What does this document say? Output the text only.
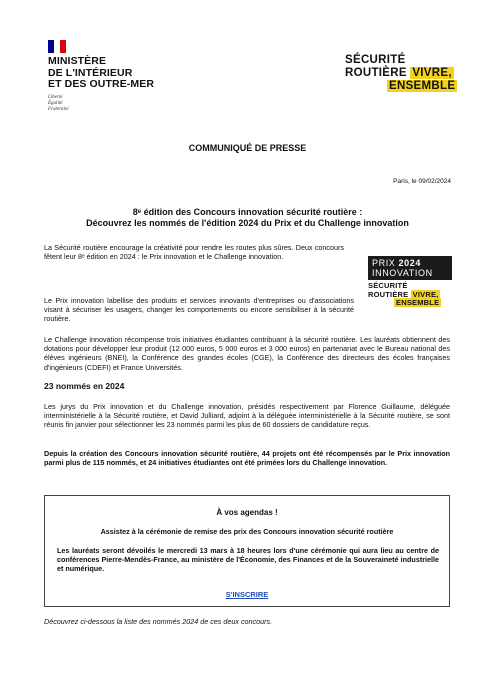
MINISTÈRE
DE L'INTÉRIEUR
ET DES OUTRE-MER
Liberté
Égalité
Fraternité
SÉCURITÉ
ROUTIÈRE VIVRE,
ENSEMBLE
COMMUNIQUÉ DE PRESSE
Paris, le 09/02/2024
8ᵉ édition des Concours innovation sécurité routière :
Découvrez les nommés de l'édition 2024 du Prix et du Challenge innovation

La Sécurité routière encourage la créativité pour rendre les routes plus sûres. Deux concours fêtent leur 8ᵉ édition en 2024 : le Prix innovation et le Challenge innovation.

PRIX 2024
INNOVATION
SÉCURITÉ
ROUTIÈRE VIVRE,
ENSEMBLE

Le Prix innovation labellise des produits et services innovants d'entreprises ou d'associations visant à sécuriser les usagers, changer les comportements ou encore sensibiliser à la sécurité routière.

Le Challenge innovation récompense trois initiatives étudiantes contribuant à la sécurité routière. Les lauréats obtiennent des dotations pour développer leur produit (12 000 euros, 5 000 euros et 3 000 euros) en partenariat avec le Bureau national des élèves ingénieurs (BNEI), la Conférence des grandes écoles (CGE), la Conférence des directeurs des écoles françaises d'ingénieurs (CDEFI) et France Universités.

23 nommés en 2024

Les jurys du Prix innovation et du Challenge innovation, présidés respectivement par Florence Guillaume, déléguée interministérielle à la Sécurité routière, et David Julliard, adjoint à la déléguée interministérielle à la Sécurité routière, se sont réunis fin janvier pour sélectionner les 23 nommés parmi les plus de 60 dossiers de candidature reçus.

Depuis la création des Concours innovation sécurité routière, 44 projets ont été récompensés par le Prix innovation parmi plus de 115 nommés, et 24 initiatives étudiantes ont été primées lors du Challenge innovation.

À vos agendas !
Assistez à la cérémonie de remise des prix des Concours innovation sécurité routière
Les lauréats seront dévoilés le mercredi 13 mars à 18 heures lors d'une cérémonie qui aura lieu au centre de conférences Pierre-Mendès-France, au ministère de l'Économie, des Finances et de la Souveraineté industrielle et numérique.
S'INSCRIRE
Découvrez ci-dessous la liste des nommés 2024 de ces deux concours.
